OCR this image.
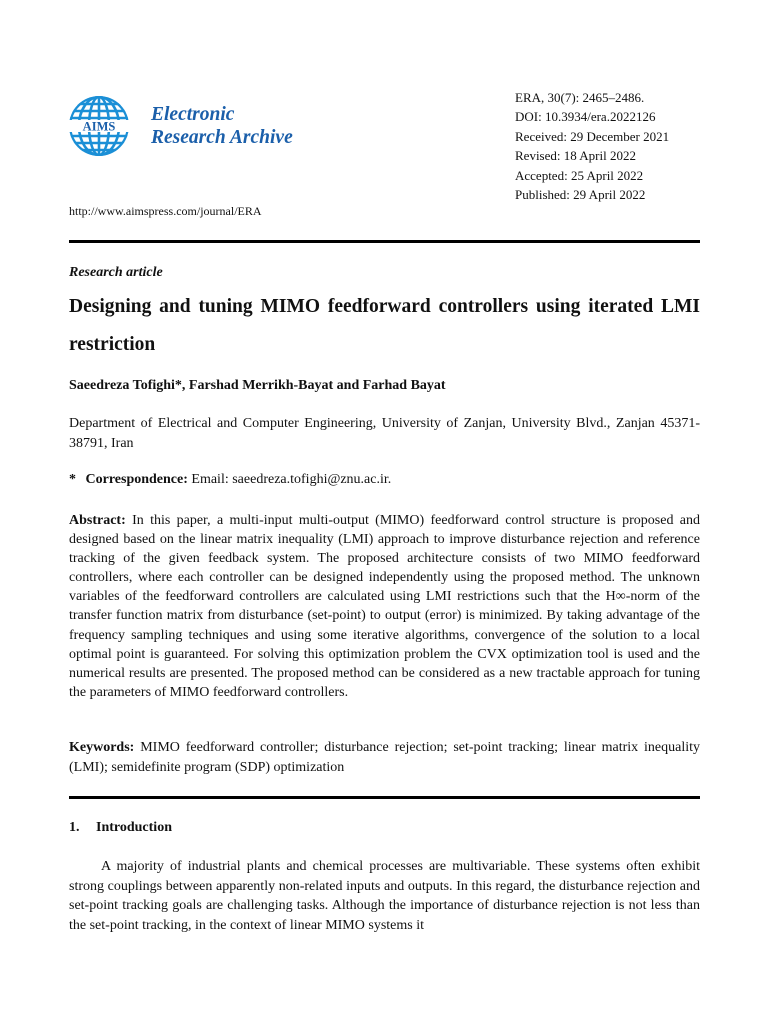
AIMS
Electronic
Research Archive
ERA, 30(7): 2465–2486.
DOI: 10.3934/era.2022126
Received: 29 December 2021
Revised: 18 April 2022
Accepted: 25 April 2022
Published: 29 April 2022
http://www.aimspress.com/journal/ERA
Research article
Designing and tuning MIMO feedforward controllers using iterated LMI restriction
Saeedreza Tofighi*, Farshad Merrikh-Bayat and Farhad Bayat
Department of Electrical and Computer Engineering, University of Zanjan, University Blvd., Zanjan 45371-38791, Iran
* Correspondence: Email: saeedreza.tofighi@znu.ac.ir.
Abstract: In this paper, a multi-input multi-output (MIMO) feedforward control structure is proposed and designed based on the linear matrix inequality (LMI) approach to improve disturbance rejection and reference tracking of the given feedback system. The proposed architecture consists of two MIMO feedforward controllers, where each controller can be designed independently using the proposed method. The unknown variables of the feedforward controllers are calculated using LMI restrictions such that the H∞-norm of the transfer function matrix from disturbance (set-point) to output (error) is minimized. By taking advantage of the frequency sampling techniques and using some iterative algorithms, convergence of the solution to a local optimal point is guaranteed. For solving this optimization problem the CVX optimization tool is used and the numerical results are presented. The proposed method can be considered as a new tractable approach for tuning the parameters of MIMO feedforward controllers.
Keywords: MIMO feedforward controller; disturbance rejection; set-point tracking; linear matrix inequality (LMI); semidefinite program (SDP) optimization
1. Introduction
A majority of industrial plants and chemical processes are multivariable. These systems often exhibit strong couplings between apparently non-related inputs and outputs. In this regard, the disturbance rejection and set-point tracking goals are challenging tasks. Although the importance of disturbance rejection is not less than the set-point tracking, in the context of linear MIMO systems it
